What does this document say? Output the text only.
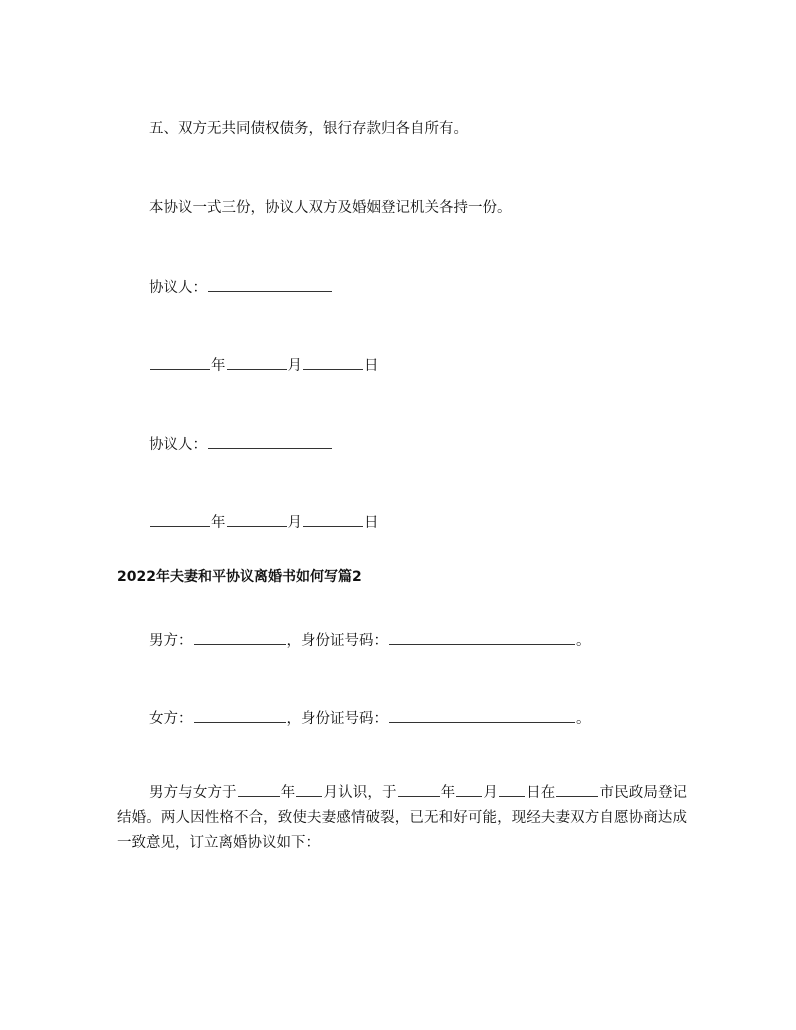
五、双方无共同债权债务，银行存款归各自所有。
本协议一式三份，协议人双方及婚姻登记机关各持一份。
协议人：
年	月	日
协议人：
年	月	日
2022年夫妻和平协议离婚书如何写篇2
男方：	，身份证号码：	。
女方：	，身份证号码：	。
男方与女方于	年 月认识，于	年 月 日在	市民政局登记结婚。两人因性格不合，致使夫妻感情破裂，已无和好可能，现经夫妻双方自愿协商达成一致意见，订立离婚协议如下：
